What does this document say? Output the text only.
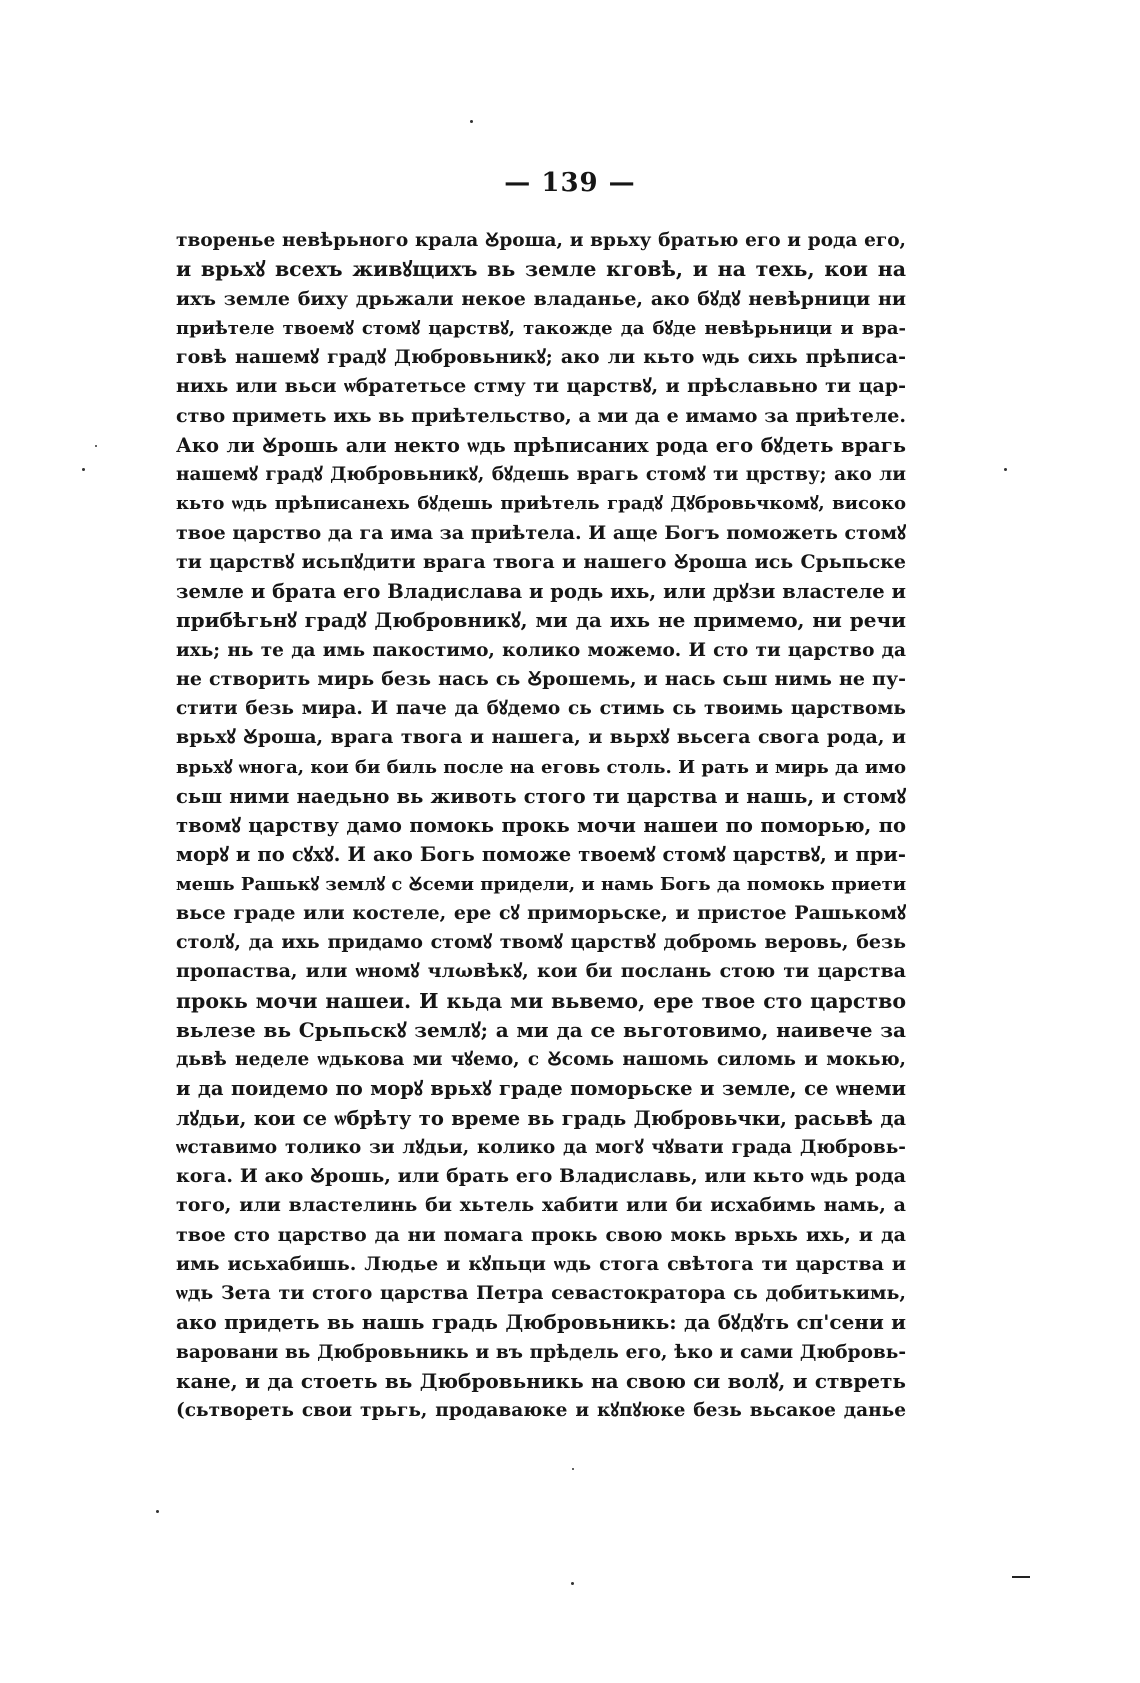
— 139 —
твореньe невѣрьного крала Ꙋроша, и врьху братью его и рода его,
и врьхꙋ всехъ живꙋщихъ вь земле кговѣ, и на техь, кои на
ихъ земле биху дрьжали некое владанье, ако бꙋдꙋ невѣрници ни
приѣтеле твоемꙋ стомꙋ царствꙋ, такожде да бꙋде невѣрьници и вра-
говѣ нашемꙋ градꙋ Дюбровьникꙋ; ако ли кьто ѡдь сихь прѣписа-
нихь или вьси ѡбратетьсе стму ти царствꙋ, и прѣславьно ти цар-
ство приметь ихь вь приѣтельство, а ми да е имамо за приѣтеле.
Ако ли Ꙋрошь али некто ѡдь прѣписаних рода его бꙋдеть врагь
нашемꙋ градꙋ Дюбровьникꙋ, бꙋдешь врагь стомꙋ ти црству; ако ли
кьто ѡдь прѣписанехь бꙋдешь приѣтель градꙋ Дꙋбровьчкомꙋ, високо
твое царство да га има за приѣтела. И аще Богъ поможеть стомꙋ
ти царствꙋ исьпꙋдити врага твога и нашего Ꙋроша ись Срьпьске
земле и брата его Владислава и родь ихь, или дрꙋзи властеле и
прибѣгьнꙋ градꙋ Дюбровникꙋ, ми да ихь не примемо, ни речи
ихь; нь те да имь пакостимо, колико можемо. И сто ти царство да
не створить мирь безь нась сь Ꙋрошемь, и нась сьш нимь не пу-
стити безь мира. И паче да бꙋдемо сь стимь сь твоимь царствомь
врьхꙋ Ꙋроша, врага твога и нашега, и вьрхꙋ вьсега свога рода, и
врьхꙋ ѡнога, кои би биль после на еговь столь. И рать и мирь да имо
сьш ними наедьно вь животь стого ти царства и нашь, и стомꙋ
твомꙋ царству дамо помокь прокь мочи нашеи по поморью, по
морꙋ и по сꙋхꙋ. И ако Богь поможе твоемꙋ стомꙋ царствꙋ, и при-
мешь Рашькꙋ землꙋ с Ꙋсеми придели, и намь Богь да помокь приети
вьсе граде или костеле, ере сꙋ приморьске, и пристое Рашькомꙋ
столꙋ, да ихь придамо стомꙋ твомꙋ царствꙋ добромь веровь, безь
пропаства, или ѡномꙋ члωвѣкꙋ, кои би послань стою ти царства
прокь мочи нашеи. И кьда ми вьвемо, ере твое сто царство
вьлезе вь Срьпьскꙋ землꙋ; а ми да се вьготовимо, наивече за
дьвѣ неделе ѡдькова ми чꙋемо, с Ꙋсомь нашомь силомь и мокью,
и да поидемо по морꙋ врьхꙋ граде поморьске и земле, се ѡнеми
лꙋдьи, кои се ѡбрѣту то време вь градь Дюбровьчки, расьвѣ да
ѡставимо толико зи лꙋдьи, колико да могꙋ чꙋвати града Дюбровь-
кога. И ако Ꙋрошь, или брать его Владиславь, или кьто ѡдь рода
того, или властелинь би хьтель хабити или би исхабимь намь, а
твое сто царство да ни помага прокь свою мокь врьхь ихь, и да
имь исьхабишь. Людье и кꙋпьци ѡдь стога свѣтога ти царства и
ѡдь Зета ти стого царства Петра севастократора сь добитькимь,
ако придеть вь нашь градь Дюбровьникь: да бꙋдꙋть сп'сени и
варовани вь Дюбровьникь и въ прѣдель его, ѣко и сами Дюбровь-
кане, и да стоеть вь Дюбровьникь на свою си волꙋ, и ствреть
(сьтвореть свои трьгь, продаваюке и кꙋпꙋюке безь вьсакое данье
